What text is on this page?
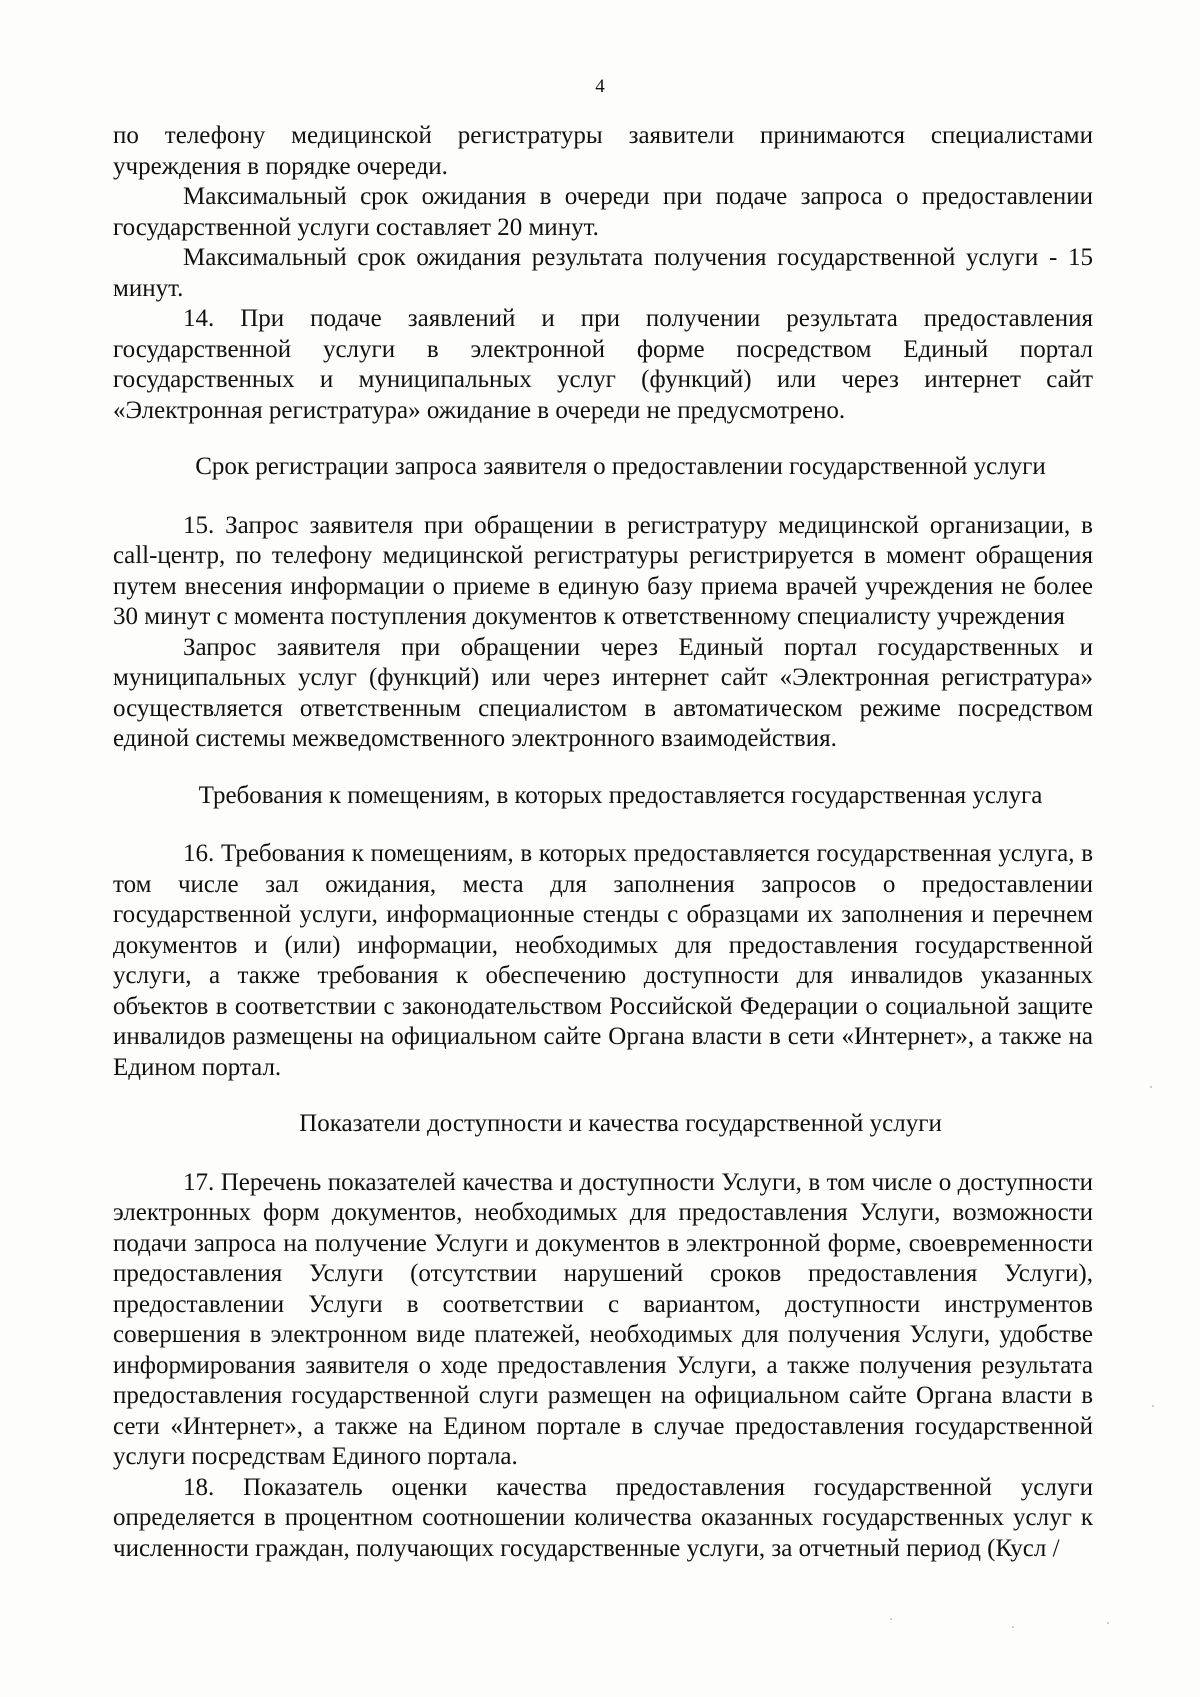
4

по телефону медицинской регистратуры заявители принимаются специалистами учреждения в порядке очереди.

Максимальный срок ожидания в очереди при подаче запроса о предоставлении государственной услуги составляет 20 минут.

Максимальный срок ожидания результата получения государственной услуги - 15 минут.

14. При подаче заявлений и при получении результата предоставления государственной услуги в электронной форме посредством Единый портал государственных и муниципальных услуг (функций) или через интернет сайт «Электронная регистратура» ожидание в очереди не предусмотрено.

Срок регистрации запроса заявителя о предоставлении государственной услуги

15. Запрос заявителя при обращении в регистратуру медицинской организации, в call-центр, по телефону медицинской регистратуры регистрируется в момент обращения путем внесения информации о приеме в единую базу приема врачей учреждения не более 30 минут с момента поступления документов к ответственному специалисту учреждения

Запрос заявителя при обращении через Единый портал государственных и муниципальных услуг (функций) или через интернет сайт «Электронная регистратура» осуществляется ответственным специалистом в автоматическом режиме посредством единой системы межведомственного электронного взаимодействия.

Требования к помещениям, в которых предоставляется государственная услуга

16. Требования к помещениям, в которых предоставляется государственная услуга, в том числе зал ожидания, места для заполнения запросов о предоставлении государственной услуги, информационные стенды с образцами их заполнения и перечнем документов и (или) информации, необходимых для предоставления государственной услуги, а также требования к обеспечению доступности для инвалидов указанных объектов в соответствии с законодательством Российской Федерации о социальной защите инвалидов размещены на официальном сайте Органа власти в сети «Интернет», а также на Едином портал.

Показатели доступности и качества государственной услуги

17. Перечень показателей качества и доступности Услуги, в том числе о доступности электронных форм документов, необходимых для предоставления Услуги, возможности подачи запроса на получение Услуги и документов в электронной форме, своевременности предоставления Услуги (отсутствии нарушений сроков предоставления Услуги), предоставлении Услуги в соответствии с вариантом, доступности инструментов совершения в электронном виде платежей, необходимых для получения Услуги, удобстве информирования заявителя о ходе предоставления Услуги, а также получения результата предоставления государственной слуги размещен на официальном сайте Органа власти в сети «Интернет», а также на Едином портале в случае предоставления государственной услуги посредствам Единого портала.

18. Показатель оценки качества предоставления государственной услуги определяется в процентном соотношении количества оказанных государственных услуг к численности граждан, получающих государственные услуги, за отчетный период (Кусл /
